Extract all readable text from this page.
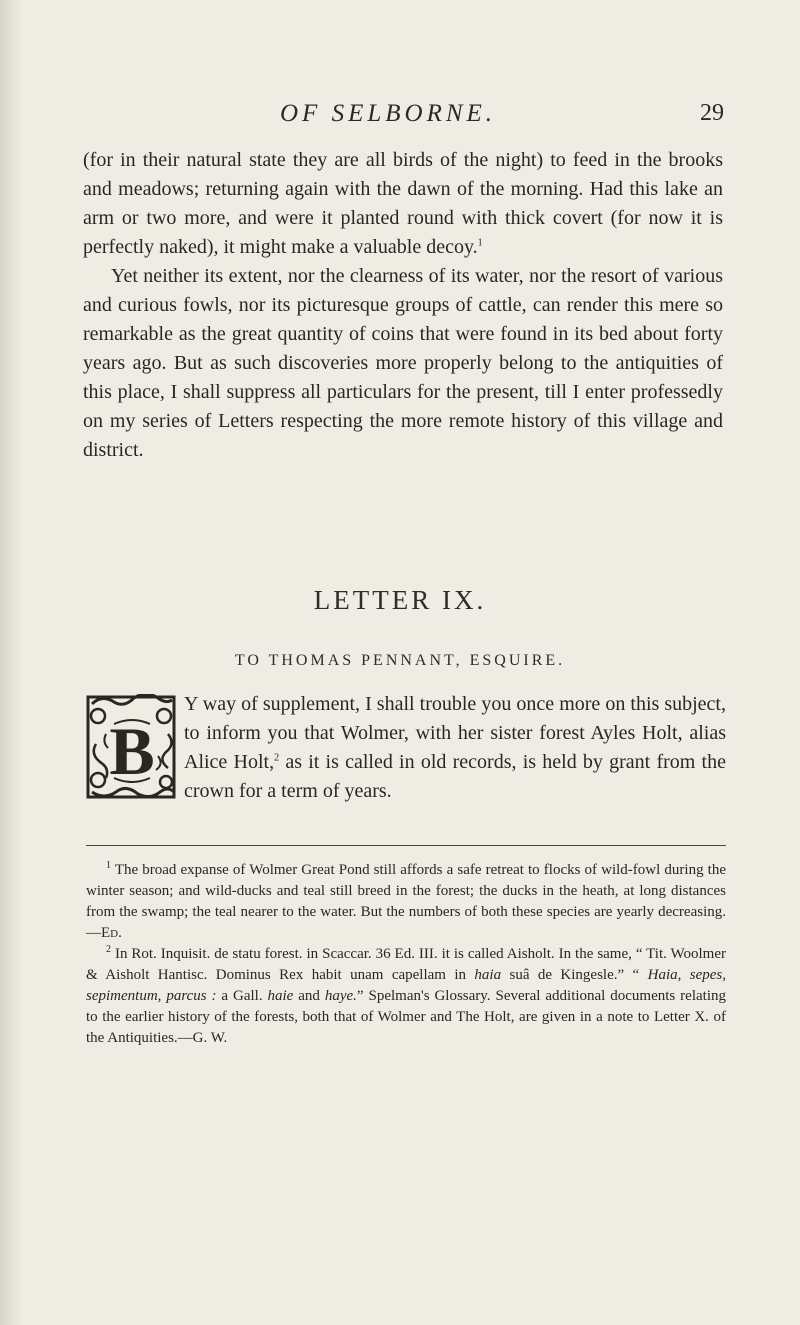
OF SELBORNE.	29

(for in their natural state they are all birds of the night) to feed in the brooks and meadows; returning again with the dawn of the morning. Had this lake an arm or two more, and were it planted round with thick covert (for now it is perfectly naked), it might make a valuable decoy.$^1$

Yet neither its extent, nor the clearness of its water, nor the resort of various and curious fowls, nor its picturesque groups of cattle, can render this mere so remarkable as the great quantity of coins that were found in its bed about forty years ago. But as such discoveries more properly belong to the antiquities of this place, I shall suppress all particulars for the present, till I enter professedly on my series of Letters respecting the more remote history of this village and district.

LETTER IX.
TO THOMAS PENNANT, ESQUIRE.
B

Y way of supplement, I shall trouble you once more on this subject, to inform you that Wolmer, with her sister forest Ayles Holt, alias Alice Holt,$^2$ as it is called in old records, is held by grant from the crown for a term of years.

$^1$ The broad expanse of Wolmer Great Pond still affords a safe retreat to flocks of wild-fowl during the winter season; and wild-ducks and teal still breed in the forest; the ducks in the heath, at long distances from the swamp; the teal nearer to the water. But the numbers of both these species are yearly decreasing.—Ed.

$^2$ In Rot. Inquisit. de statu forest. in Scaccar. 36 Ed. III. it is called Aisholt. In the same, “ Tit. Woolmer & Aisholt Hantisc. Dominus Rex habit unam capellam in haia suâ de Kingesle.” “ Haia, sepes, sepimentum, parcus : a Gall. haie and haye.” Spelman's Glossary. Several additional documents relating to the earlier history of the forests, both that of Wolmer and The Holt, are given in a note to Letter X. of the Antiquities.—G. W.
